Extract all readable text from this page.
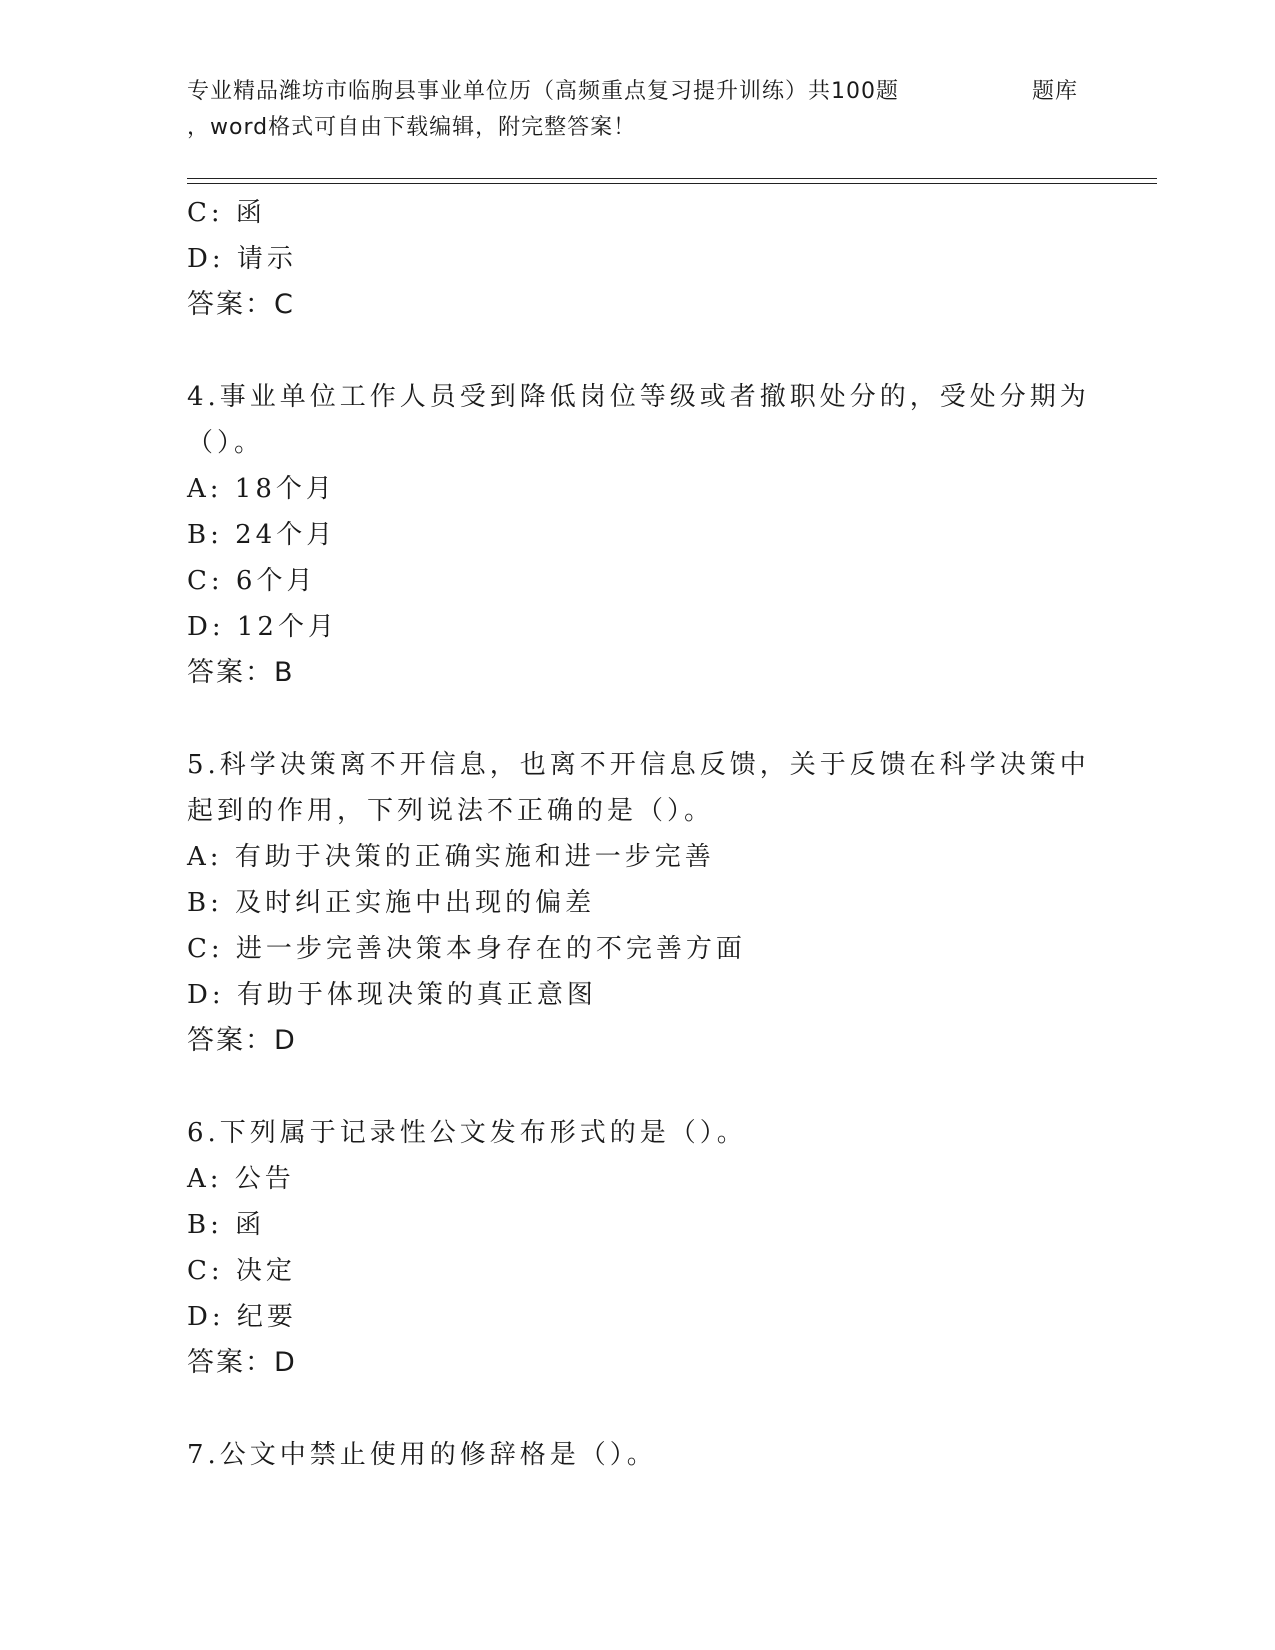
专业精品潍坊市临朐县事业单位历（高频重点复习提升训练）共100题	题库
，word格式可自由下载编辑，附完整答案！
C: 函
D: 请示
答案：C
4.事业单位工作人员受到降低岗位等级或者撤职处分的，受处分期为
（）。
A: 18个月
B: 24个月
C: 6个月
D: 12个月
答案：B
5.科学决策离不开信息，也离不开信息反馈，关于反馈在科学决策中
起到的作用，下列说法不正确的是（）。
A: 有助于决策的正确实施和进一步完善
B: 及时纠正实施中出现的偏差
C: 进一步完善决策本身存在的不完善方面
D: 有助于体现决策的真正意图
答案：D
6.下列属于记录性公文发布形式的是（）。
A: 公告
B: 函
C: 决定
D: 纪要
答案：D
7.公文中禁止使用的修辞格是（）。
